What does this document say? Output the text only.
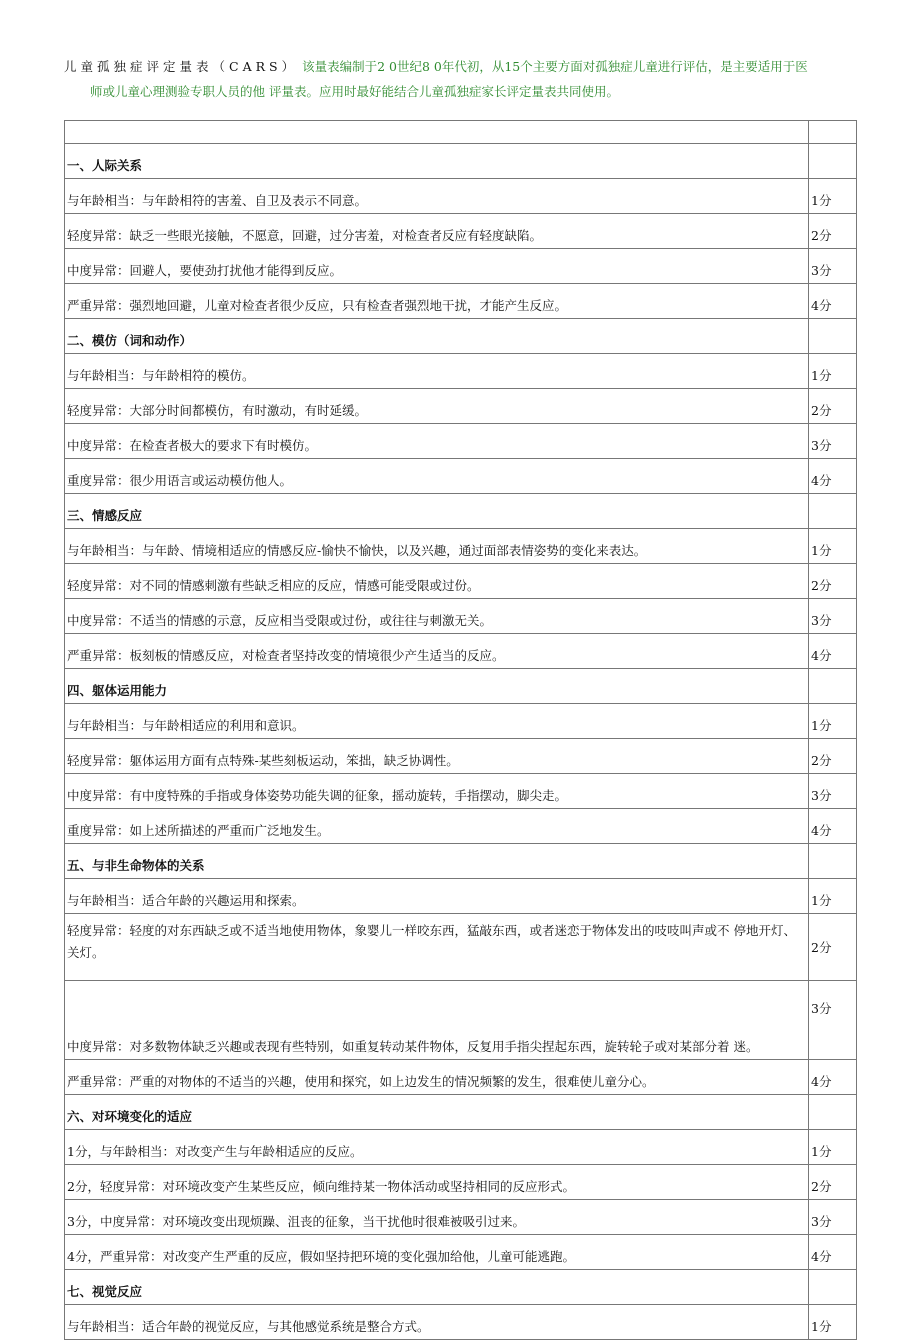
儿童孤独症评定量表（CARS） 该量表编制于2 0世纪8 0年代初，从15个主要方面对孤独症儿童进行评估，是主要适用于医
师或儿童心理测验专职人员的他 评量表。应用时最好能结合儿童孤独症家长评定量表共同使用。

一、人际关系	
与年龄相当：与年龄相符的害羞、自卫及表示不同意。	1分
轻度异常：缺乏一些眼光接触，不愿意，回避，过分害羞，对检查者反应有轻度缺陷。	2分
中度异常：回避人，要使劲打扰他才能得到反应。	3分
严重异常：强烈地回避，儿童对检查者很少反应，只有检查者强烈地干扰，才能产生反应。	4分
二、模仿（词和动作）	
与年龄相当：与年龄相符的模仿。	1分
轻度异常：大部分时间都模仿，有时激动，有时延缓。	2分
中度异常：在检查者极大的要求下有时模仿。	3分
重度异常：很少用语言或运动模仿他人。	4分
三、情感反应	
与年龄相当：与年龄、情境相适应的情感反应-愉快不愉快，以及兴趣，通过面部表情姿势的变化来表达。	1分
轻度异常：对不同的情感刺激有些缺乏相应的反应，情感可能受限或过份。	2分
中度异常：不适当的情感的示意，反应相当受限或过份，或往往与刺激无关。	3分
严重异常：板刻板的情感反应，对检查者坚持改变的情境很少产生适当的反应。	4分
四、躯体运用能力	
与年龄相当：与年龄相适应的利用和意识。	1分
轻度异常：躯体运用方面有点特殊-某些刻板运动，笨拙，缺乏协调性。	2分
中度异常：有中度特殊的手指或身体姿势功能失调的征象，摇动旋转，手指摆动，脚尖走。	3分
重度异常：如上述所描述的严重而广泛地发生。	4分
五、与非生命物体的关系	
与年龄相当：适合年龄的兴趣运用和探索。	1分
轻度异常：轻度的对东西缺乏或不适当地使用物体，象婴儿一样咬东西，猛敲东西，或者迷恋于物体发出的吱吱叫声或不 停地开灯、关灯。	2分
中度异常：对多数物体缺乏兴趣或表现有些特别，如重复转动某件物体，反复用手指尖捏起东西，旋转轮子或对某部分着 迷。	3分
严重异常：严重的对物体的不适当的兴趣，使用和探究，如上边发生的情况频繁的发生，很难使儿童分心。	4分
六、对环境变化的适应	
1分，与年龄相当：对改变产生与年龄相适应的反应。	1分
2分，轻度异常：对环境改变产生某些反应，倾向维持某一物体活动或坚持相同的反应形式。	2分
3分，中度异常：对环境改变出现烦躁、沮丧的征象，当干扰他时很难被吸引过来。	3分
4分，严重异常：对改变产生严重的反应，假如坚持把环境的变化强加给他，儿童可能逃跑。	4分
七、视觉反应	
与年龄相当：适合年龄的视觉反应，与其他感觉系统是整合方式。	1分
